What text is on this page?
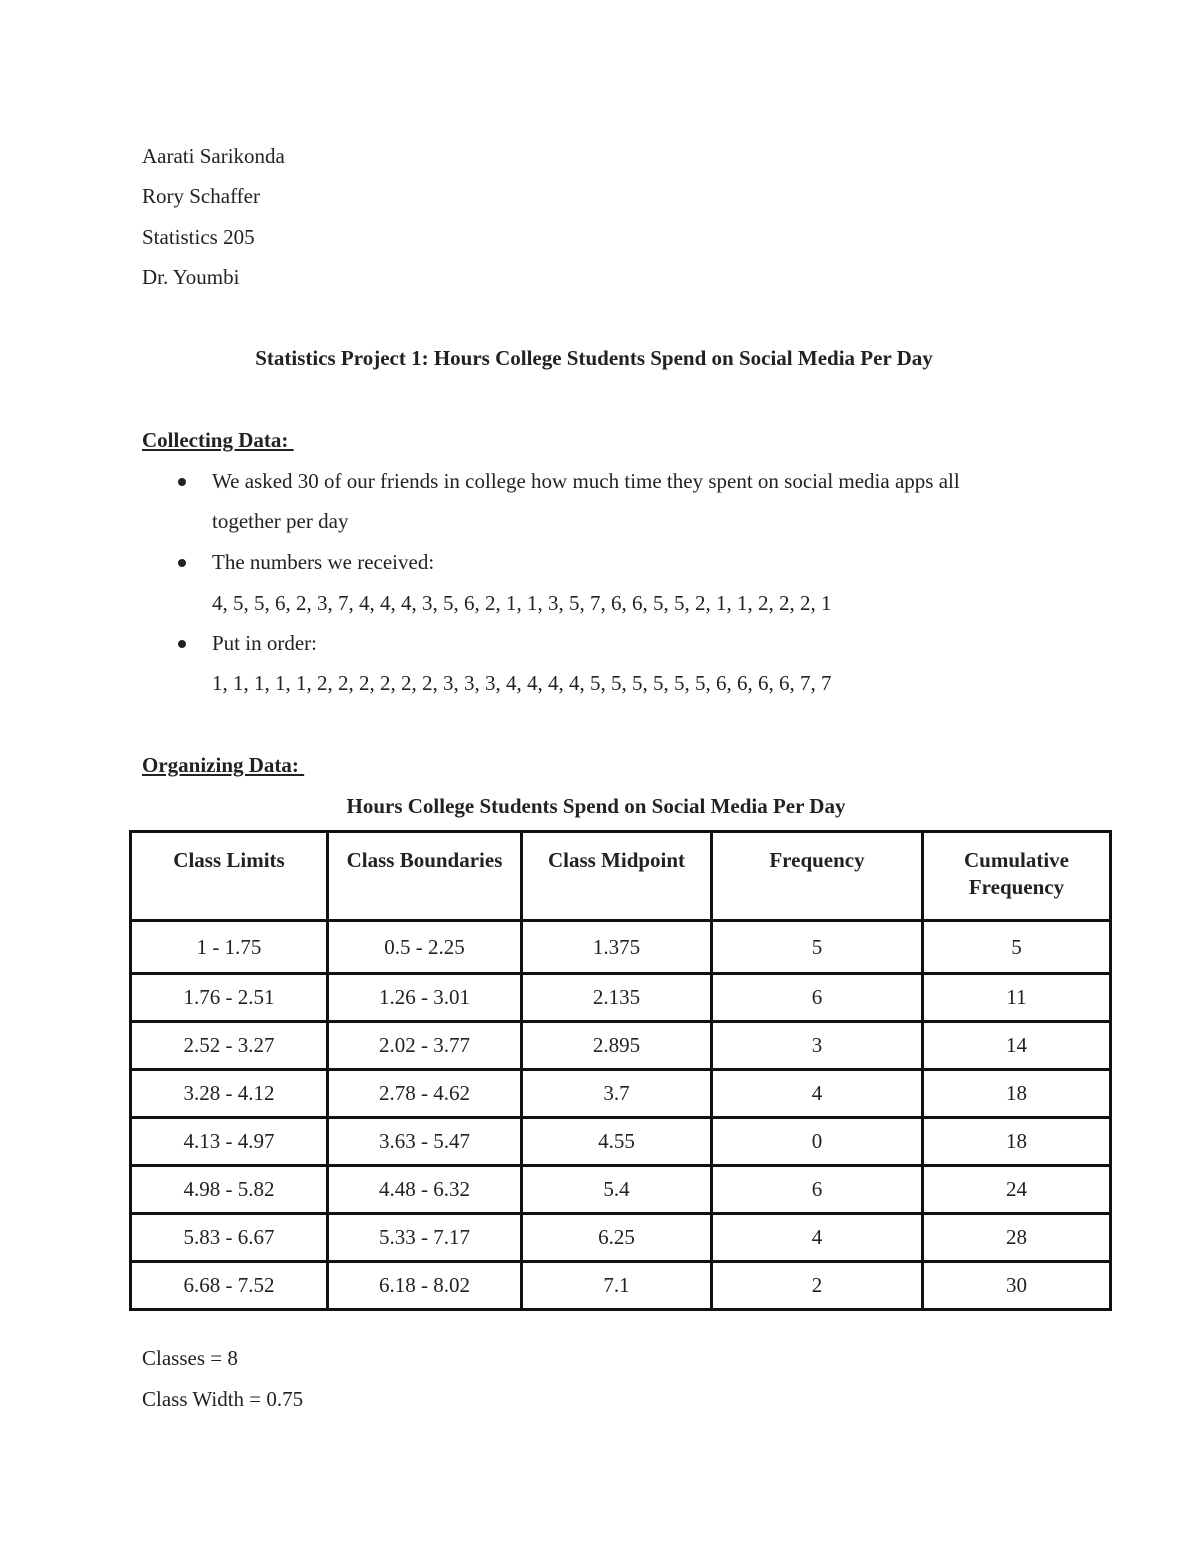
Aarati Sarikonda
Rory Schaffer
Statistics 205
Dr. Youmbi
Statistics Project 1: Hours College Students Spend on Social Media Per Day
Collecting Data:
We asked 30 of our friends in college how much time they spent on social media apps all
together per day
The numbers we received:
4, 5, 5, 6, 2, 3, 7, 4, 4, 4, 3, 5, 6, 2, 1, 1, 3, 5, 7, 6, 6, 5, 5, 2, 1, 1, 2, 2, 2, 1
Put in order:
1, 1, 1, 1, 1, 2, 2, 2, 2, 2, 2, 3, 3, 3, 4, 4, 4, 4, 5, 5, 5, 5, 5, 5, 6, 6, 6, 6, 7, 7
Organizing Data:
Hours College Students Spend on Social Media Per Day
Class Limits	Class Boundaries	Class Midpoint	Frequency	Cumulative Frequency
1 - 1.75	0.5 - 2.25	1.375	5	5
1.76 - 2.51	1.26 - 3.01	2.135	6	11
2.52 - 3.27	2.02 - 3.77	2.895	3	14
3.28 - 4.12	2.78 - 4.62	3.7	4	18
4.13 - 4.97	3.63 - 5.47	4.55	0	18
4.98 - 5.82	4.48 - 6.32	5.4	6	24
5.83 - 6.67	5.33 - 7.17	6.25	4	28
6.68 - 7.52	6.18 - 8.02	7.1	2	30
Classes = 8
Class Width = 0.75
